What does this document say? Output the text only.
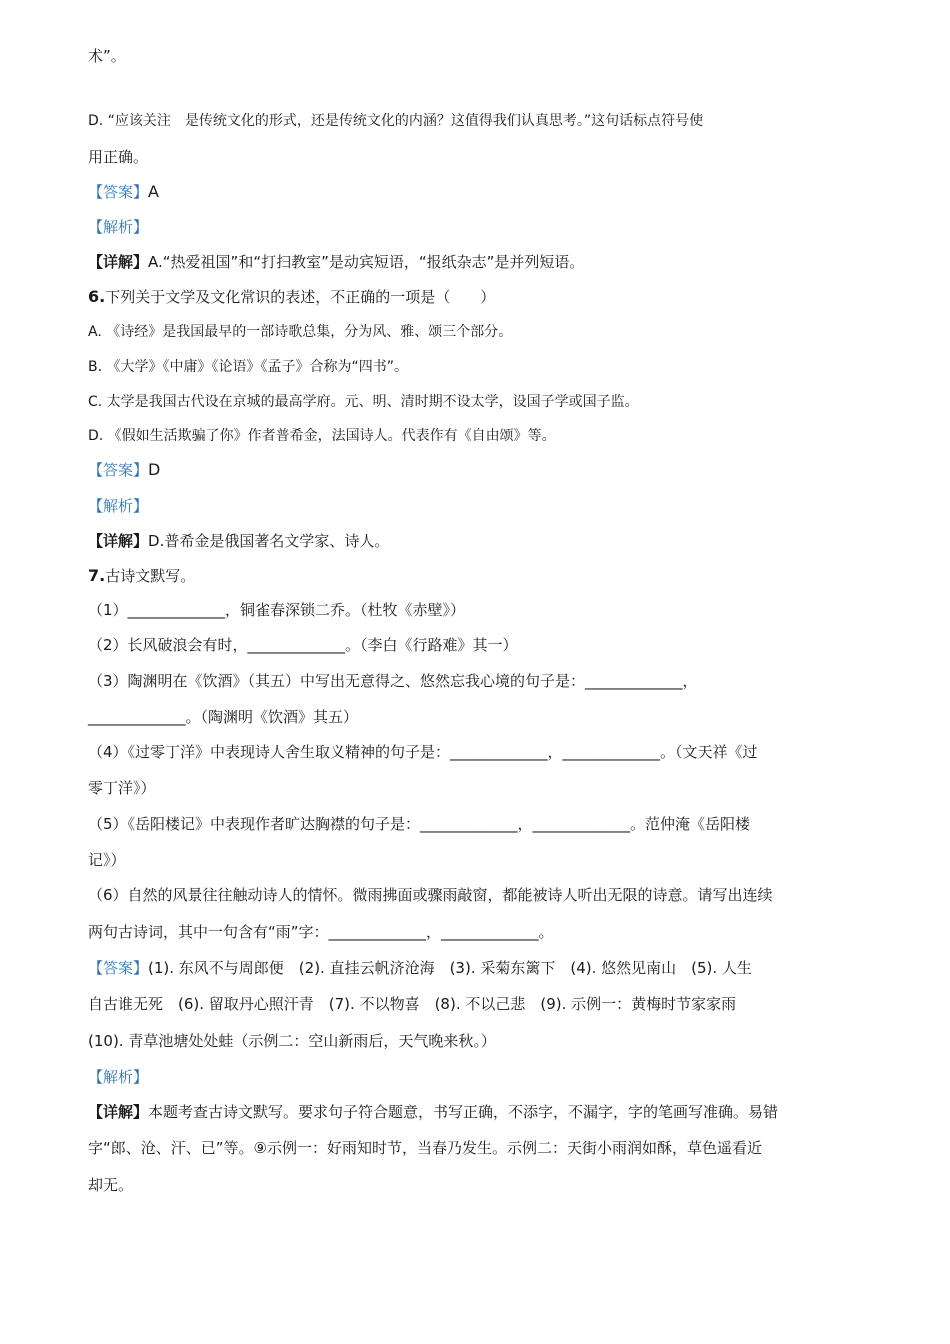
术”。
D. “应该关注　是传统文化的形式，还是传统文化的内涵？这值得我们认真思考。”这句话标点符号使
用正确。
【答案】A
【解析】
【详解】A.“热爱祖国”和“打扫教室”是动宾短语，“报纸杂志”是并列短语。
6.下列关于文学及文化常识的表述，不正确的一项是（　　）
A. 《诗经》是我国最早的一部诗歌总集，分为风、雅、颂三个部分。
B. 《大学》《中庸》《论语》《孟子》合称为“四书”。
C. 太学是我国古代设在京城的最高学府。元、明、清时期不设太学，设国子学或国子监。
D. 《假如生活欺骗了你》作者普希金，法国诗人。代表作有《自由颂》等。
【答案】D
【解析】
【详解】D.普希金是俄国著名文学家、诗人。
7.古诗文默写。
（1）_____________，铜雀春深锁二乔。（杜牧《赤壁》）
（2）长风破浪会有时，_____________。（李白《行路难》其一）
（3）陶渊明在《饮酒》（其五）中写出无意得之、悠然忘我心境的句子是：_____________，
_____________。（陶渊明《饮酒》其五）
（4）《过零丁洋》中表现诗人舍生取义精神的句子是：_____________，_____________。（文天祥《过
零丁洋》）
（5）《岳阳楼记》中表现作者旷达胸襟的句子是：_____________，_____________。范仲淹《岳阳楼
记》）
（6）自然的风景往往触动诗人的情怀。微雨拂面或骤雨敲窗，都能被诗人听出无限的诗意。请写出连续
两句古诗词，其中一句含有“雨”字：_____________，_____________。
【答案】(1). 东风不与周郎便　(2). 直挂云帆济沧海　(3). 采菊东篱下　(4). 悠然见南山　(5). 人生
自古谁无死　(6). 留取丹心照汗青　(7). 不以物喜　(8). 不以己悲　(9). 示例一：黄梅时节家家雨
(10). 青草池塘处处蛙（示例二：空山新雨后，天气晚来秋。）
【解析】
【详解】本题考查古诗文默写。要求句子符合题意，书写正确，不添字，不漏字，字的笔画写准确。易错
字“郎、沧、汗、已”等。⑨示例一：好雨知时节，当春乃发生。示例二：天街小雨润如酥，草色遥看近
却无。
